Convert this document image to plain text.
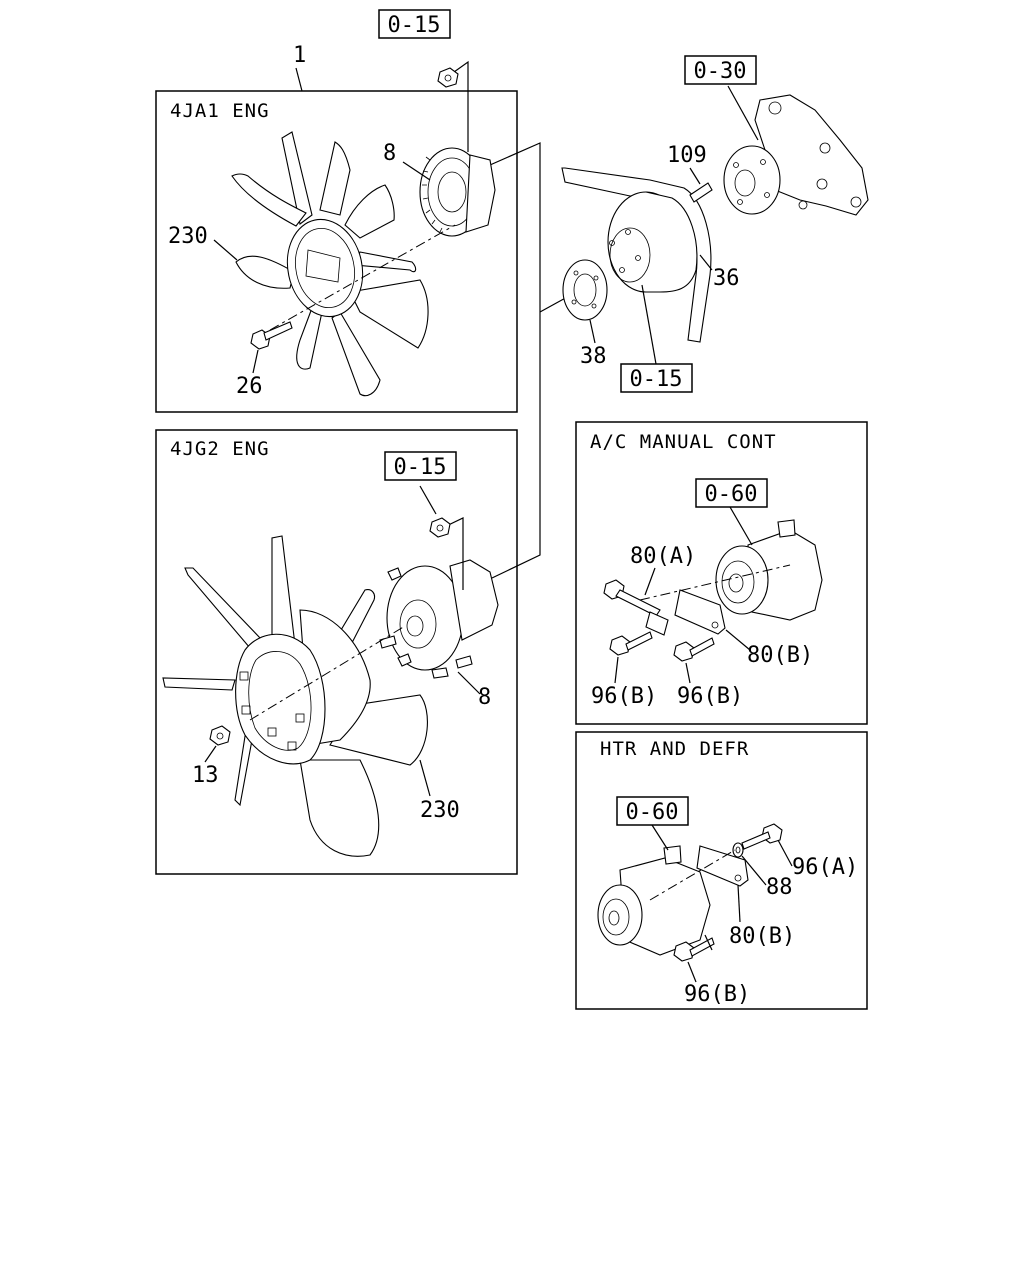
4JA1 ENG
4JG2 ENG	A/C MANUAL CONT
HTR AND DEFR
0-15
0-30
0-15
0-15
0-60
0-60
1
8
230
26
109
36
38
8
13
230
80(A)
80(B)
96(B) 96(B)
96(A)
88
80(B)
96(B)
